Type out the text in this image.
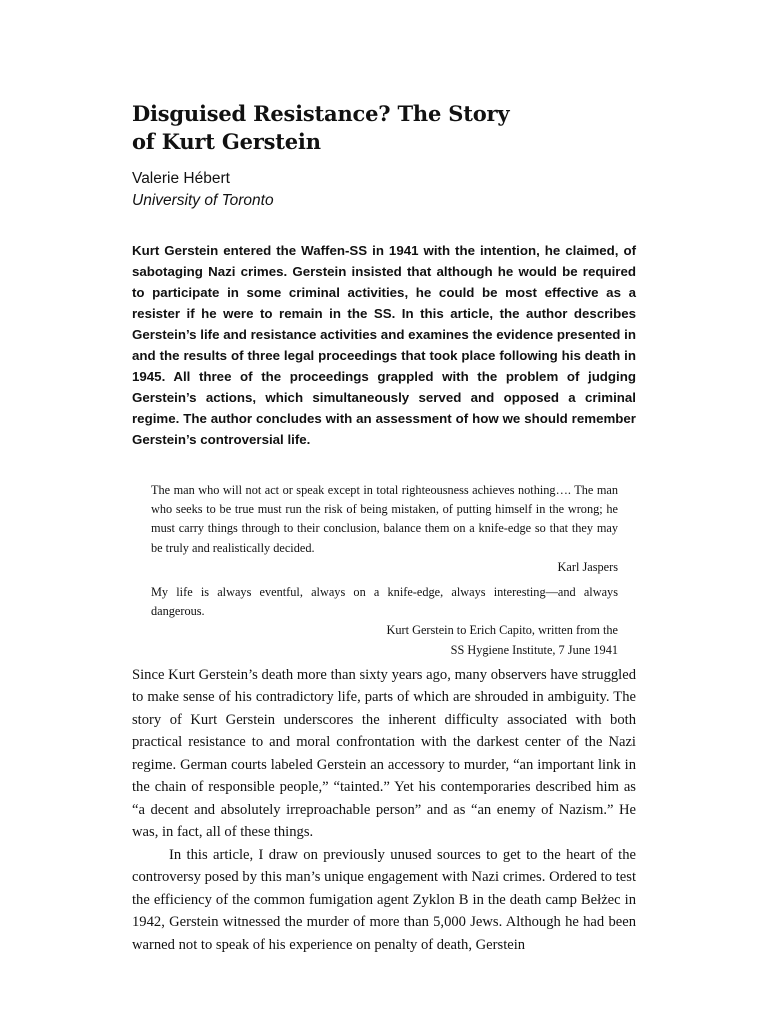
Disguised Resistance? The Story
of Kurt Gerstein
Valerie Hébert
University of Toronto
Kurt Gerstein entered the Waffen-SS in 1941 with the intention, he claimed, of sabotaging Nazi crimes. Gerstein insisted that although he would be required to participate in some criminal activities, he could be most effective as a resister if he were to remain in the SS. In this article, the author describes Gerstein’s life and resistance activities and examines the evidence presented in and the results of three legal proceedings that took place following his death in 1945. All three of the proceedings grappled with the problem of judging Gerstein’s actions, which simultaneously served and opposed a criminal regime. The author concludes with an assessment of how we should remember Gerstein’s controversial life.

The man who will not act or speak except in total righteousness achieves nothing…. The man who seeks to be true must run the risk of being mistaken, of putting himself in the wrong; he must carry things through to their conclusion, balance them on a knife-edge so that they may be truly and realistically decided.

Karl Jaspers

My life is always eventful, always on a knife-edge, always interesting—and always dangerous.

Kurt Gerstein to Erich Capito, written from the

SS Hygiene Institute, 7 June 1941

Since Kurt Gerstein’s death more than sixty years ago, many observers have struggled to make sense of his contradictory life, parts of which are shrouded in ambiguity. The story of Kurt Gerstein underscores the inherent difficulty associated with both practical resistance to and moral confrontation with the darkest center of the Nazi regime. German courts labeled Gerstein an accessory to murder, “an important link in the chain of responsible people,” “tainted.” Yet his contemporaries described him as “a decent and absolutely irreproachable person” and as “an enemy of Nazism.” He was, in fact, all of these things.

In this article, I draw on previously unused sources to get to the heart of the controversy posed by this man’s unique engagement with Nazi crimes. Ordered to test the efficiency of the common fumigation agent Zyklon B in the death camp Bełżec in 1942, Gerstein witnessed the murder of more than 5,000 Jews. Although he had been warned not to speak of his experience on penalty of death, Gerstein
